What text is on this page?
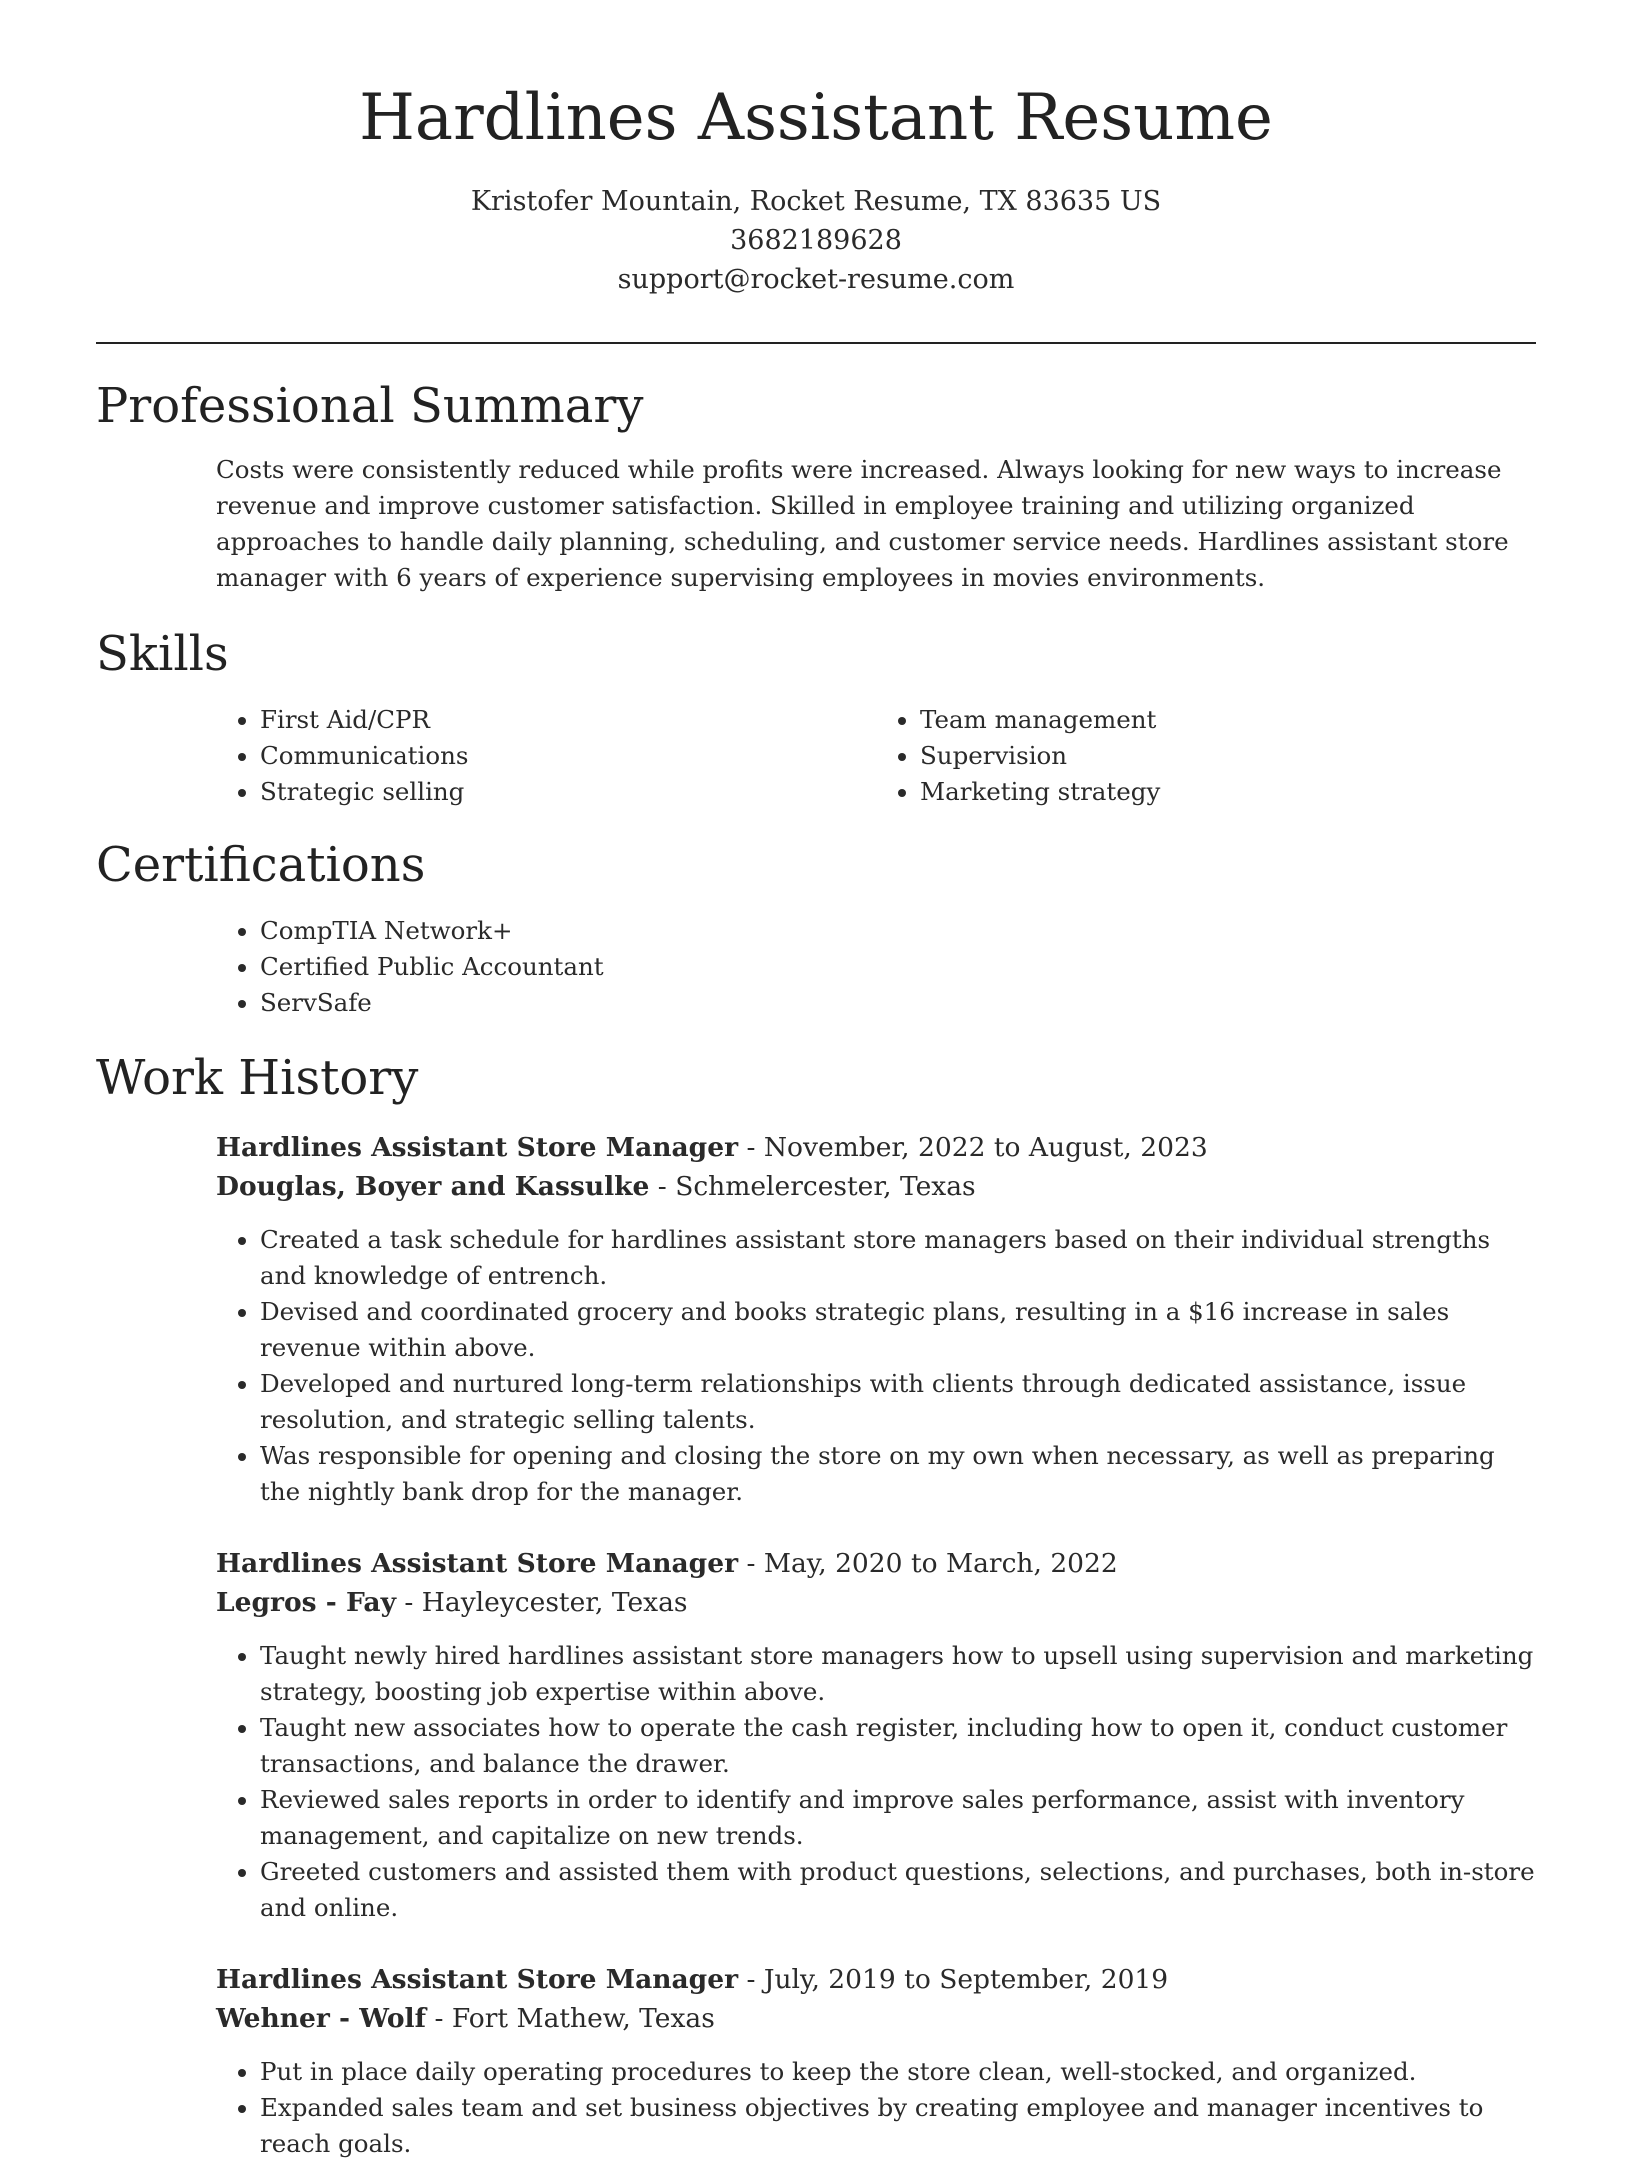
Hardlines Assistant Resume
Kristofer Mountain, Rocket Resume, TX 83635 US
3682189628
support@rocket-resume.com
Professional Summary
Costs were consistently reduced while profits were increased. Always looking for new ways to increase revenue and improve customer satisfaction. Skilled in employee training and utilizing organized approaches to handle daily planning, scheduling, and customer service needs. Hardlines assistant store manager with 6 years of experience supervising employees in movies environments.
Skills
• First Aid/CPR
• Communications
• Strategic selling
• Team management
• Supervision
• Marketing strategy
Certifications
• CompTIA Network+
• Certified Public Accountant
• ServSafe
Work History
Hardlines Assistant Store Manager - November, 2022 to August, 2023
Douglas, Boyer and Kassulke - Schmelercester, Texas
• Created a task schedule for hardlines assistant store managers based on their individual strengths and knowledge of entrench.
• Devised and coordinated grocery and books strategic plans, resulting in a $16 increase in sales revenue within above.
• Developed and nurtured long-term relationships with clients through dedicated assistance, issue resolution, and strategic selling talents.
• Was responsible for opening and closing the store on my own when necessary, as well as preparing the nightly bank drop for the manager.
Hardlines Assistant Store Manager - May, 2020 to March, 2022
Legros - Fay - Hayleycester, Texas
• Taught newly hired hardlines assistant store managers how to upsell using supervision and marketing strategy, boosting job expertise within above.
• Taught new associates how to operate the cash register, including how to open it, conduct customer transactions, and balance the drawer.
• Reviewed sales reports in order to identify and improve sales performance, assist with inventory management, and capitalize on new trends.
• Greeted customers and assisted them with product questions, selections, and purchases, both in-store and online.
Hardlines Assistant Store Manager - July, 2019 to September, 2019
Wehner - Wolf - Fort Mathew, Texas
• Put in place daily operating procedures to keep the store clean, well-stocked, and organized.
• Expanded sales team and set business objectives by creating employee and manager incentives to reach goals.
